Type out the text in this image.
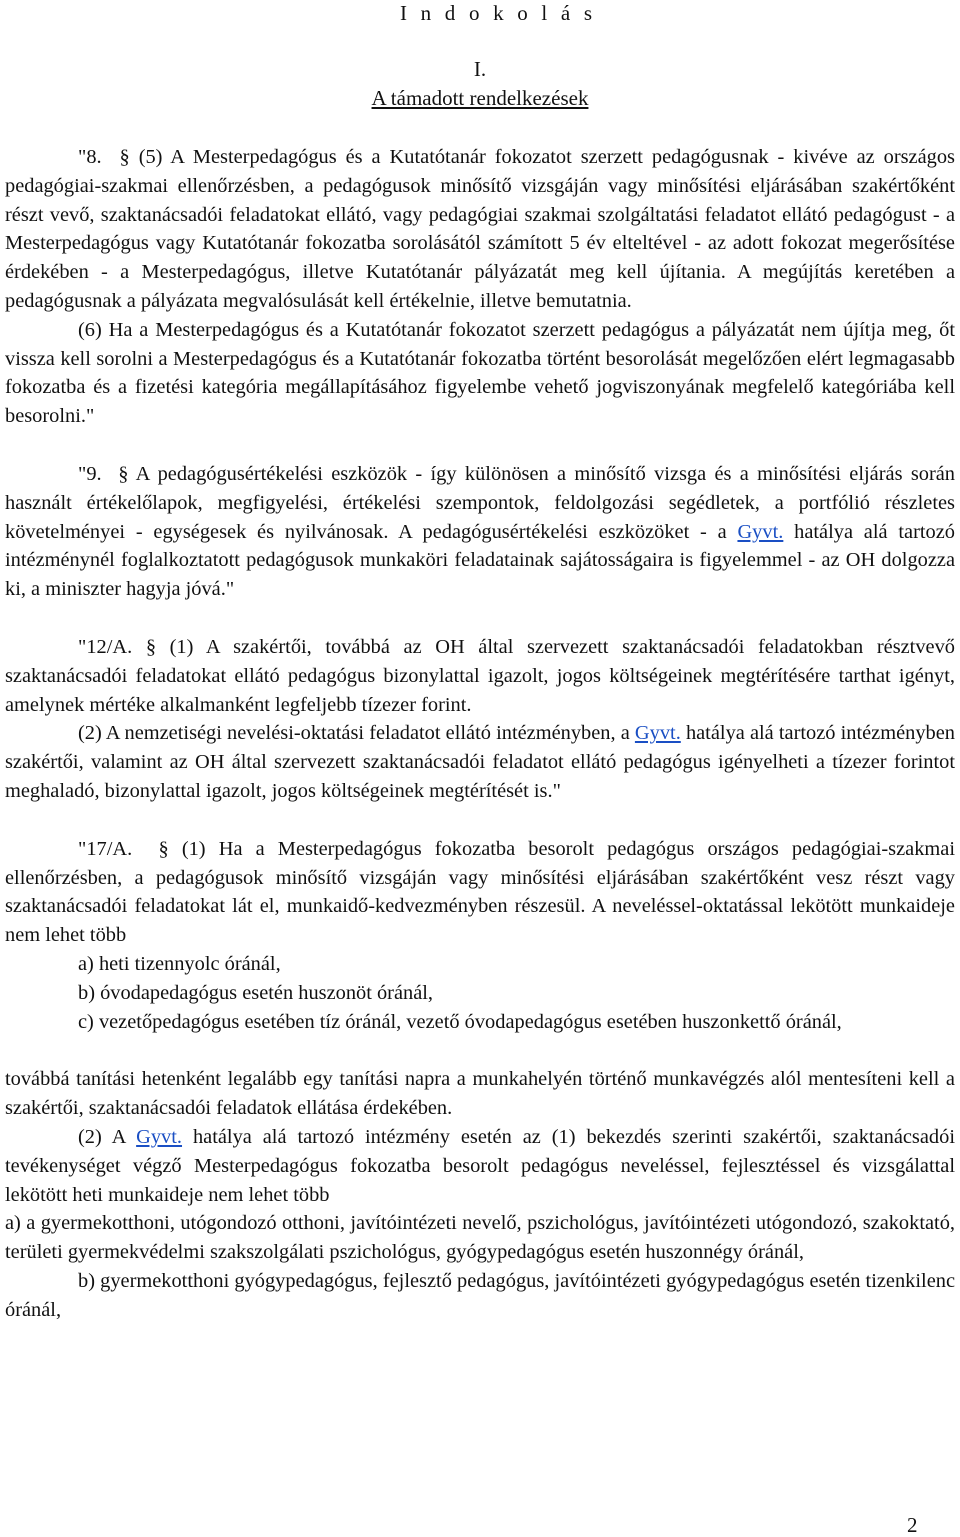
I n d o k o l á s
I.
A támadott rendelkezések

"8. § (5) A Mesterpedagógus és a Kutatótanár fokozatot szerzett pedagógusnak - kivéve az országos pedagógiai-szakmai ellenőrzésben, a pedagógusok minősítő vizsgáján vagy minősítési eljárásában szakértőként részt vevő, szaktanácsadói feladatokat ellátó, vagy pedagógiai szakmai szolgáltatási feladatot ellátó pedagógust - a Mesterpedagógus vagy Kutatótanár fokozatba sorolásától számított 5 év elteltével - az adott fokozat megerősítése érdekében - a Mesterpedagógus, illetve Kutatótanár pályázatát meg kell újítania. A megújítás keretében a pedagógusnak a pályázata megvalósulását kell értékelnie, illetve bemutatnia.

(6) Ha a Mesterpedagógus és a Kutatótanár fokozatot szerzett pedagógus a pályázatát nem újítja meg, őt vissza kell sorolni a Mesterpedagógus és a Kutatótanár fokozatba történt besorolását megelőzően elért legmagasabb fokozatba és a fizetési kategória megállapításához figyelembe vehető jogviszonyának megfelelő kategóriába kell besorolni."

"9. § A pedagógusértékelési eszközök - így különösen a minősítő vizsga és a minősítési eljárás során használt értékelőlapok, megfigyelési, értékelési szempontok, feldolgozási segédletek, a portfólió részletes követelményei - egységesek és nyilvánosak. A pedagógusértékelési eszközöket - a Gyvt. hatálya alá tartozó intézménynél foglalkoztatott pedagógusok munkaköri feladatainak sajátosságaira is figyelemmel - az OH dolgozza ki, a miniszter hagyja jóvá."

"12/A. § (1) A szakértői, továbbá az OH által szervezett szaktanácsadói feladatokban résztvevő szaktanácsadói feladatokat ellátó pedagógus bizonylattal igazolt, jogos költségeinek megtérítésére tarthat igényt, amelynek mértéke alkalmanként legfeljebb tízezer forint.

(2) A nemzetiségi nevelési-oktatási feladatot ellátó intézményben, a Gyvt. hatálya alá tartozó intézményben szakértői, valamint az OH által szervezett szaktanácsadói feladatot ellátó pedagógus igényelheti a tízezer forintot meghaladó, bizonylattal igazolt, jogos költségeinek megtérítését is."

"17/A. § (1) Ha a Mesterpedagógus fokozatba besorolt pedagógus országos pedagógiai-szakmai ellenőrzésben, a pedagógusok minősítő vizsgáján vagy minősítési eljárásában szakértőként vesz részt vagy szaktanácsadói feladatokat lát el, munkaidő-kedvezményben részesül. A neveléssel-oktatással lekötött munkaideje nem lehet több

a) heti tizennyolc óránál,

b) óvodapedagógus esetén huszonöt óránál,

c) vezetőpedagógus esetében tíz óránál, vezető óvodapedagógus esetében huszonkettő óránál,

továbbá tanítási hetenként legalább egy tanítási napra a munkahelyén történő munkavégzés alól mentesíteni kell a szakértői, szaktanácsadói feladatok ellátása érdekében.

(2) A Gyvt. hatálya alá tartozó intézmény esetén az (1) bekezdés szerinti szakértői, szaktanácsadói tevékenységet végző Mesterpedagógus fokozatba besorolt pedagógus neveléssel, fejlesztéssel és vizsgálattal lekötött heti munkaideje nem lehet több

a) a gyermekotthoni, utógondozó otthoni, javítóintézeti nevelő, pszichológus, javítóintézeti utógondozó, szakoktató, területi gyermekvédelmi szakszolgálati pszichológus, gyógypedagógus esetén huszonnégy óránál,

b) gyermekotthoni gyógypedagógus, fejlesztő pedagógus, javítóintézeti gyógypedagógus esetén tizenkilenc óránál,

2
